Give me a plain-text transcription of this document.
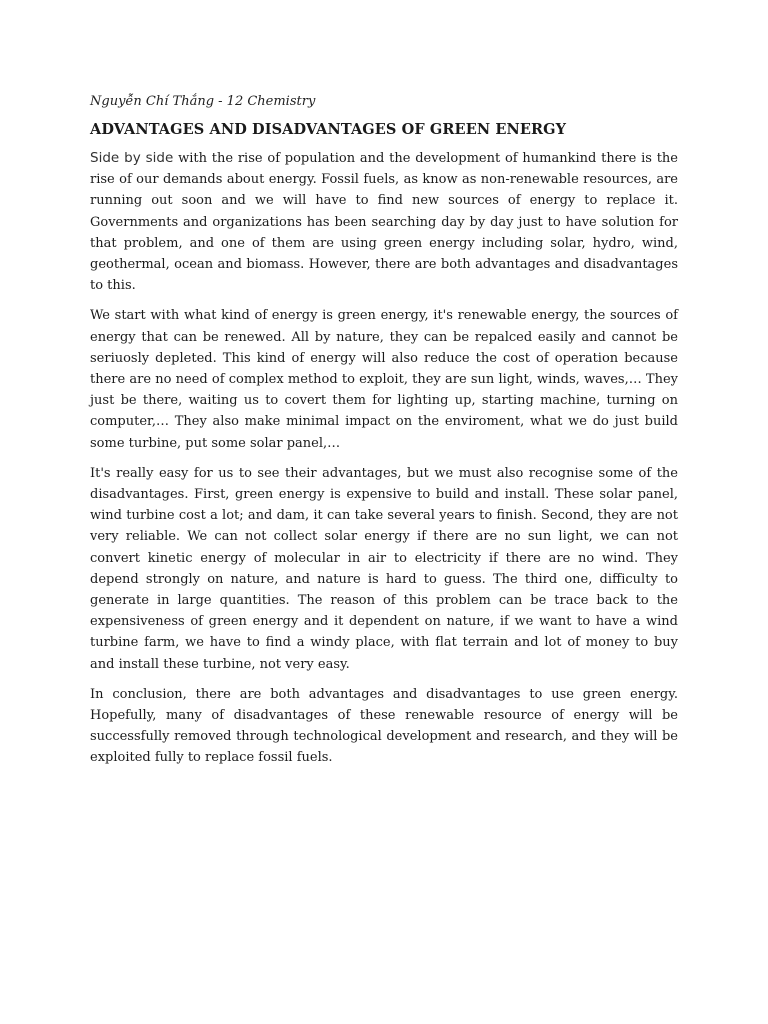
Nguyễn Chí Thắng - 12 Chemistry

ADVANTAGES AND DISADVANTAGES OF GREEN ENERGY

Side by side with the rise of population and the development of humankind there is the rise of our demands about energy. Fossil fuels, as know as non-renewable resources, are running out soon and we will have to find new sources of energy to replace it. Governments and organizations has been searching day by day just to have solution for that problem, and one of them are using green energy including solar, hydro, wind, geothermal, ocean and biomass. However, there are both advantages and disadvantages to this.

We start with what kind of energy is green energy, it's renewable energy, the sources of energy that can be renewed. All by nature, they can be repalced easily and cannot be seriuosly depleted. This kind of energy will also reduce the cost of operation because there are no need of complex method to exploit, they are sun light, winds, waves,… They just be there, waiting us to covert them for lighting up, starting machine, turning on computer,… They also make minimal impact on the enviroment, what we do just build some turbine, put some solar panel,…

It's really easy for us to see their advantages, but we must also recognise some of the disadvantages. First, green energy is expensive to build and install. These solar panel, wind turbine cost a lot; and dam, it can take several years to finish. Second, they are not very reliable. We can not collect solar energy if there are no sun light, we can not convert kinetic energy of molecular in air to electricity if there are no wind. They depend strongly on nature, and nature is hard to guess. The third one, difficulty to generate in large quantities. The reason of this problem can be trace back to the expensiveness of green energy and it dependent on nature, if we want to have a wind turbine farm, we have to find a windy place, with flat terrain and lot of money to buy and install these turbine, not very easy.

In conclusion, there are both advantages and disadvantages to use green energy. Hopefully, many of disadvantages of these renewable resource of energy will be successfully removed through technological development and research, and they will be exploited fully to replace fossil fuels.
